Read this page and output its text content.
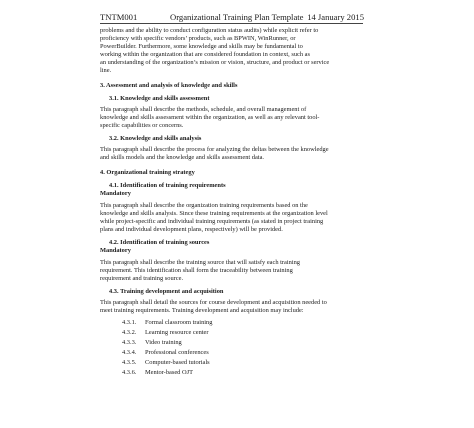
TNTM001	Organizational Training Plan Template 14 January 2015

problems and the ability to conduct configuration status audits) while explicit refer to
proficiency with specific vendors’ products, such as BPWIN, WinRunner, or
PowerBuilder. Furthermore, some knowledge and skills may be fundamental to
working within the organization that are considered foundation in context, such as
an understanding of the organization’s mission or vision, structure, and product or service
line.

3. Assessment and analysis of knowledge and skills

3.1. Knowledge and skills assessment

This paragraph shall describe the methods, schedule, and overall management of
knowledge and skills assessment within the organization, as well as any relevant tool-
specific capabilities or concerns.

3.2. Knowledge and skills analysis

This paragraph shall describe the process for analyzing the deltas between the knowledge
and skills models and the knowledge and skills assessment data.

4. Organizational training strategy

4.1. Identification of training requirements

Mandatory

This paragraph shall describe the organization training requirements based on the
knowledge and skills analysis. Since these training requirements at the organization level
while project-specific and individual training requirements (as stated in project training
plans and individual development plans, respectively) will be provided.

4.2. Identification of training sources

Mandatory

This paragraph shall describe the training source that will satisfy each training
requirement. This identification shall form the traceability between training
requirement and training source.

4.3. Training development and acquisition

This paragraph shall detail the sources for course development and acquisition needed to
meet training requirements. Training development and acquisition may include:

4.3.1.	Formal classroom training
4.3.2.	Learning resource center
4.3.3.	Video training
4.3.4.	Professional conferences
4.3.5.	Computer-based tutorials
4.3.6.	Mentor-based OJT
